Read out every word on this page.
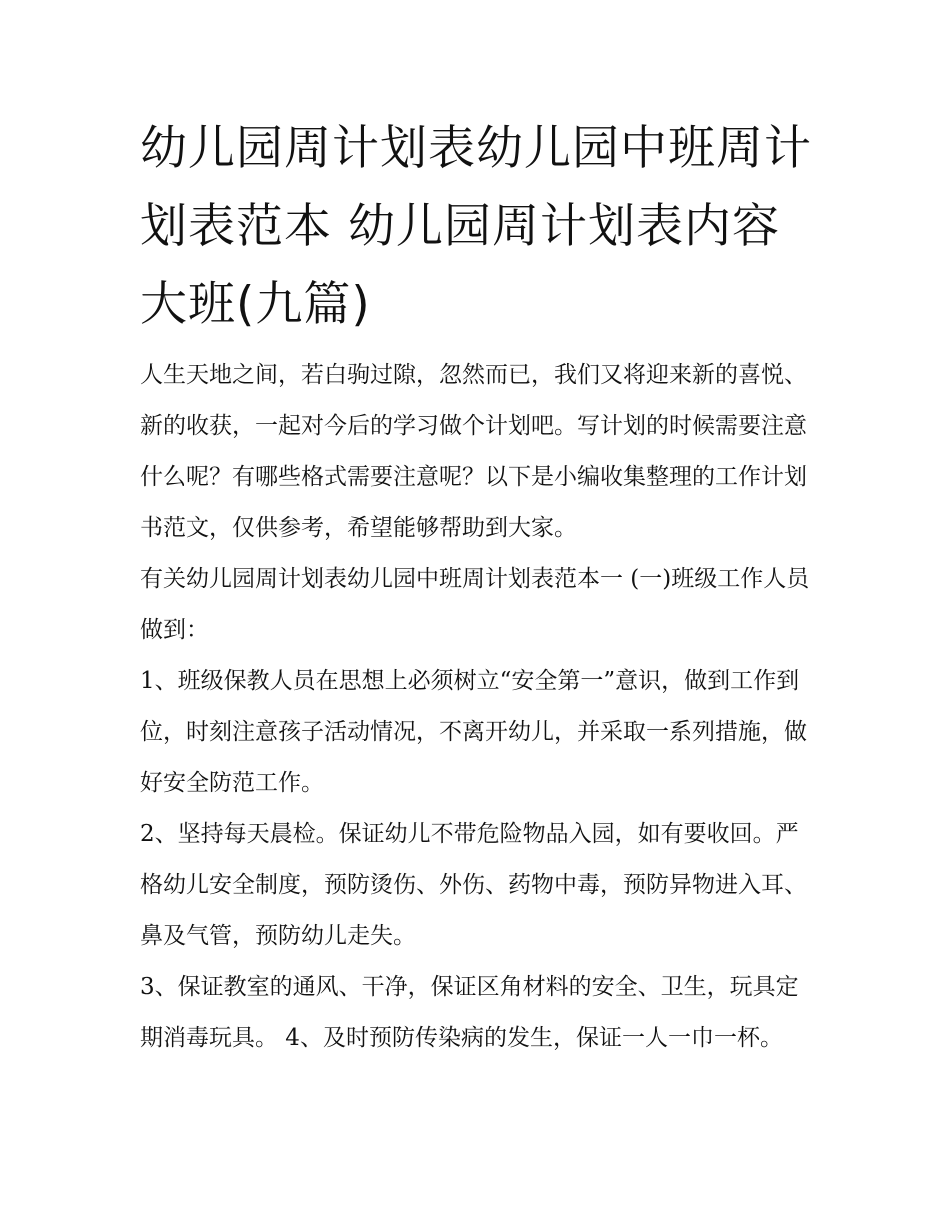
幼儿园周计划表幼儿园中班周计划表范本 幼儿园周计划表内容大班(九篇)

人生天地之间，若白驹过隙，忽然而已，我们又将迎来新的喜悦、新的收获，一起对今后的学习做个计划吧。写计划的时候需要注意什么呢？有哪些格式需要注意呢？以下是小编收集整理的工作计划书范文，仅供参考，希望能够帮助到大家。

有关幼儿园周计划表幼儿园中班周计划表范本一 (一)班级工作人员做到：

1、班级保教人员在思想上必须树立“安全第一”意识，做到工作到位，时刻注意孩子活动情况，不离开幼儿，并采取一系列措施，做好安全防范工作。

2、坚持每天晨检。保证幼儿不带危险物品入园，如有要收回。严格幼儿安全制度，预防烫伤、外伤、药物中毒，预防异物进入耳、鼻及气管，预防幼儿走失。

3、保证教室的通风、干净，保证区角材料的安全、卫生，玩具定期消毒玩具。 4、及时预防传染病的发生，保证一人一巾一杯。
